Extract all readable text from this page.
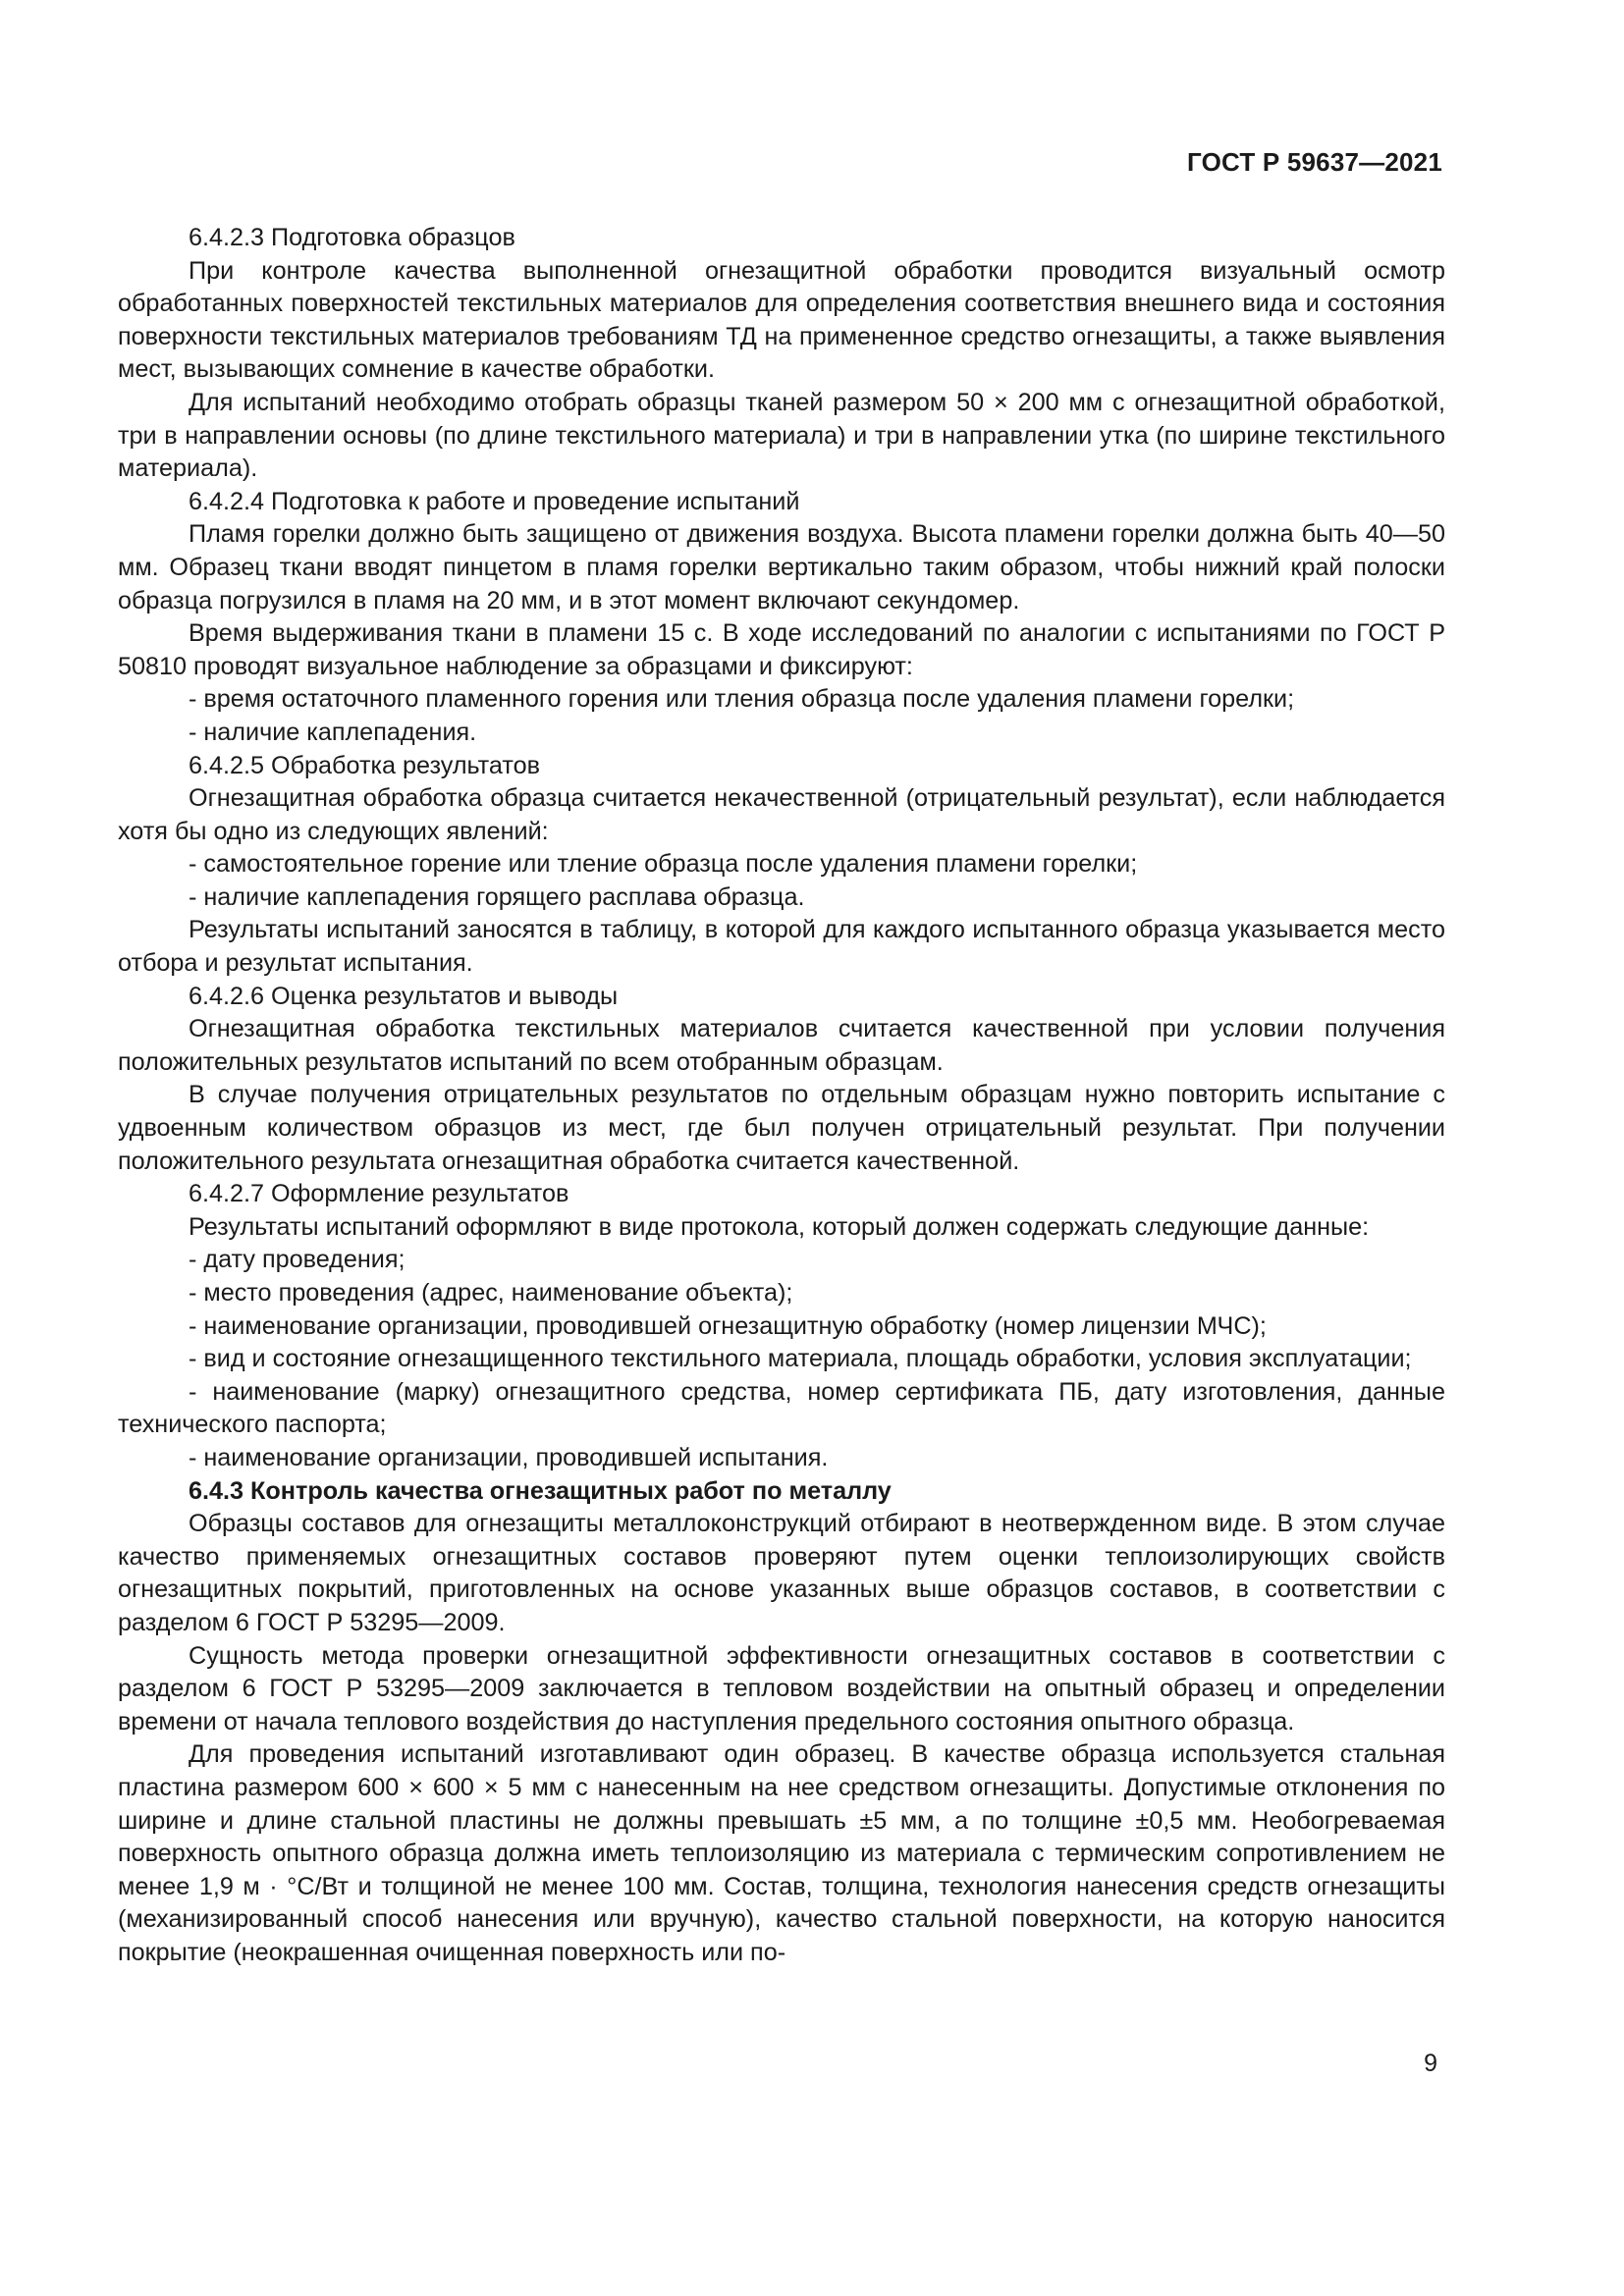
ГОСТ Р 59637—2021

6.4.2.3 Подготовка образцов

При контроле качества выполненной огнезащитной обработки проводится визуальный осмотр обработанных поверхностей текстильных материалов для определения соответствия внешнего вида и состояния поверхности текстильных материалов требованиям ТД на примененное средство огнезащиты, а также выявления мест, вызывающих сомнение в качестве обработки.

Для испытаний необходимо отобрать образцы тканей размером 50 × 200 мм с огнезащитной обработкой, три в направлении основы (по длине текстильного материала) и три в направлении утка (по ширине текстильного материала).

6.4.2.4 Подготовка к работе и проведение испытаний

Пламя горелки должно быть защищено от движения воздуха. Высота пламени горелки должна быть 40—50 мм. Образец ткани вводят пинцетом в пламя горелки вертикально таким образом, чтобы нижний край полоски образца погрузился в пламя на 20 мм, и в этот момент включают секундомер.

Время выдерживания ткани в пламени 15 с. В ходе исследований по аналогии с испытаниями по ГОСТ Р 50810 проводят визуальное наблюдение за образцами и фиксируют:

- время остаточного пламенного горения или тления образца после удаления пламени горелки;

- наличие каплепадения.

6.4.2.5 Обработка результатов

Огнезащитная обработка образца считается некачественной (отрицательный результат), если наблюдается хотя бы одно из следующих явлений:

- самостоятельное горение или тление образца после удаления пламени горелки;

- наличие каплепадения горящего расплава образца.

Результаты испытаний заносятся в таблицу, в которой для каждого испытанного образца указывается место отбора и результат испытания.

6.4.2.6 Оценка результатов и выводы

Огнезащитная обработка текстильных материалов считается качественной при условии получения положительных результатов испытаний по всем отобранным образцам.

В случае получения отрицательных результатов по отдельным образцам нужно повторить испытание с удвоенным количеством образцов из мест, где был получен отрицательный результат. При получении положительного результата огнезащитная обработка считается качественной.

6.4.2.7 Оформление результатов

Результаты испытаний оформляют в виде протокола, который должен содержать следующие данные:

- дату проведения;

- место проведения (адрес, наименование объекта);

- наименование организации, проводившей огнезащитную обработку (номер лицензии МЧС);

- вид и состояние огнезащищенного текстильного материала, площадь обработки, условия эксплуатации;

- наименование (марку) огнезащитного средства, номер сертификата ПБ, дату изготовления, данные технического паспорта;

- наименование организации, проводившей испытания.

6.4.3 Контроль качества огнезащитных работ по металлу

Образцы составов для огнезащиты металлоконструкций отбирают в неотвержденном виде. В этом случае качество применяемых огнезащитных составов проверяют путем оценки теплоизолирующих свойств огнезащитных покрытий, приготовленных на основе указанных выше образцов составов, в соответствии с разделом 6 ГОСТ Р 53295—2009.

Сущность метода проверки огнезащитной эффективности огнезащитных составов в соответствии с разделом 6 ГОСТ Р 53295—2009 заключается в тепловом воздействии на опытный образец и определении времени от начала теплового воздействия до наступления предельного состояния опытного образца.

Для проведения испытаний изготавливают один образец. В качестве образца используется стальная пластина размером 600 × 600 × 5 мм с нанесенным на нее средством огнезащиты. Допустимые отклонения по ширине и длине стальной пластины не должны превышать ±5 мм, а по толщине ±0,5 мм. Необогреваемая поверхность опытного образца должна иметь теплоизоляцию из материала с термическим сопротивлением не менее 1,9 м · °С/Вт и толщиной не менее 100 мм. Состав, толщина, технология нанесения средств огнезащиты (механизированный способ нанесения или вручную), качество стальной поверхности, на которую наносится покрытие (неокрашенная очищенная поверхность или по-

9
